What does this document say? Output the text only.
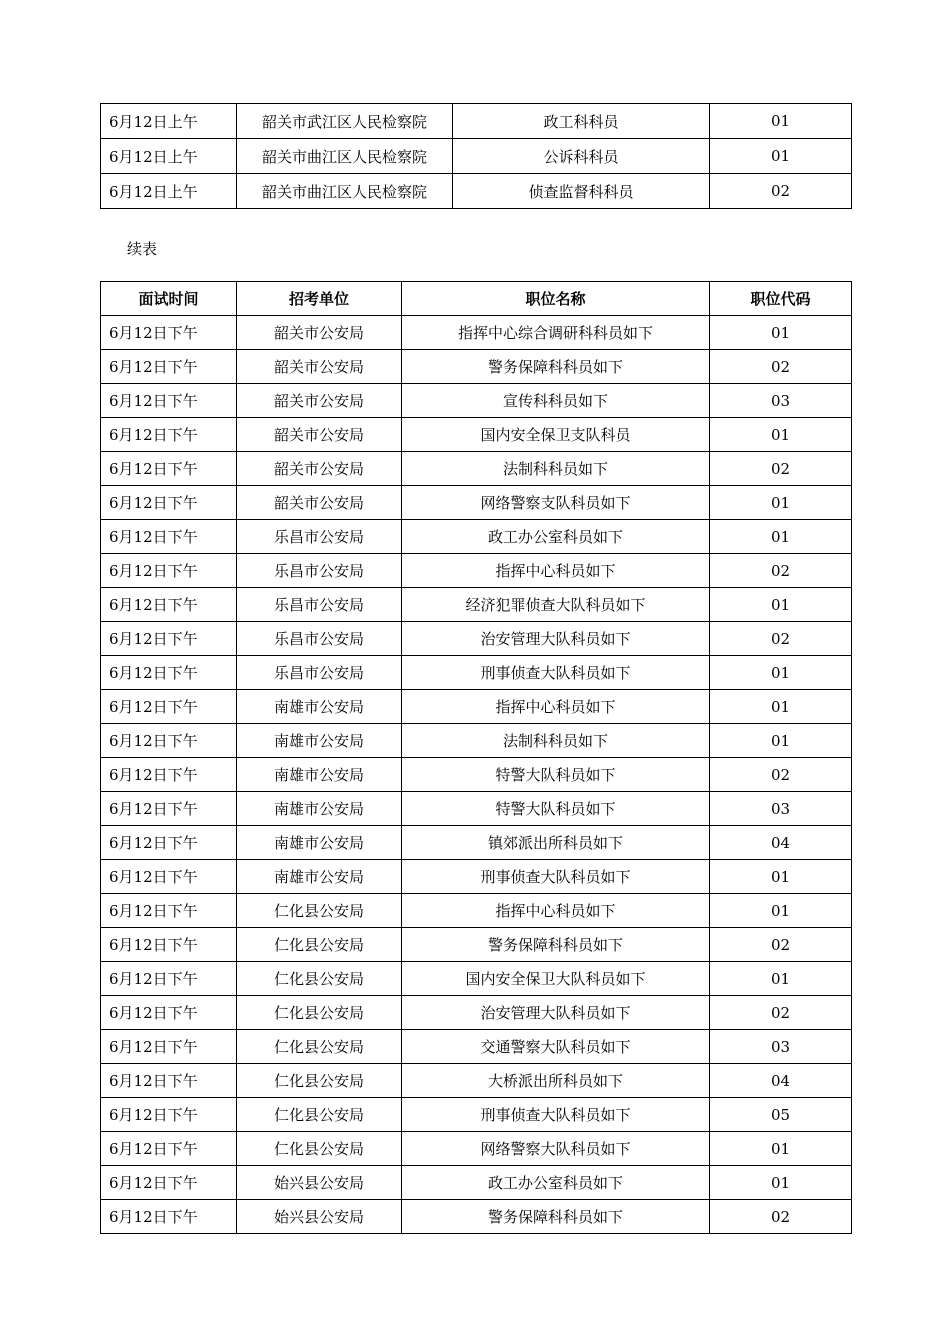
6月12日上午	韶关市武江区人民检察院	政工科科员	01
6月12日上午	韶关市曲江区人民检察院	公诉科科员	01
6月12日上午	韶关市曲江区人民检察院	侦查监督科科员	02
续表
面试时间	招考单位	职位名称	职位代码
6月12日下午	韶关市公安局	指挥中心综合调研科科员如下	01
6月12日下午	韶关市公安局	警务保障科科员如下	02
6月12日下午	韶关市公安局	宣传科科员如下	03
6月12日下午	韶关市公安局	国内安全保卫支队科员	01
6月12日下午	韶关市公安局	法制科科员如下	02
6月12日下午	韶关市公安局	网络警察支队科员如下	01
6月12日下午	乐昌市公安局	政工办公室科员如下	01
6月12日下午	乐昌市公安局	指挥中心科员如下	02
6月12日下午	乐昌市公安局	经济犯罪侦查大队科员如下	01
6月12日下午	乐昌市公安局	治安管理大队科员如下	02
6月12日下午	乐昌市公安局	刑事侦查大队科员如下	01
6月12日下午	南雄市公安局	指挥中心科员如下	01
6月12日下午	南雄市公安局	法制科科员如下	01
6月12日下午	南雄市公安局	特警大队科员如下	02
6月12日下午	南雄市公安局	特警大队科员如下	03
6月12日下午	南雄市公安局	镇郊派出所科员如下	04
6月12日下午	南雄市公安局	刑事侦查大队科员如下	01
6月12日下午	仁化县公安局	指挥中心科员如下	01
6月12日下午	仁化县公安局	警务保障科科员如下	02
6月12日下午	仁化县公安局	国内安全保卫大队科员如下	01
6月12日下午	仁化县公安局	治安管理大队科员如下	02
6月12日下午	仁化县公安局	交通警察大队科员如下	03
6月12日下午	仁化县公安局	大桥派出所科员如下	04
6月12日下午	仁化县公安局	刑事侦查大队科员如下	05
6月12日下午	仁化县公安局	网络警察大队科员如下	01
6月12日下午	始兴县公安局	政工办公室科员如下	01
6月12日下午	始兴县公安局	警务保障科科员如下	02
